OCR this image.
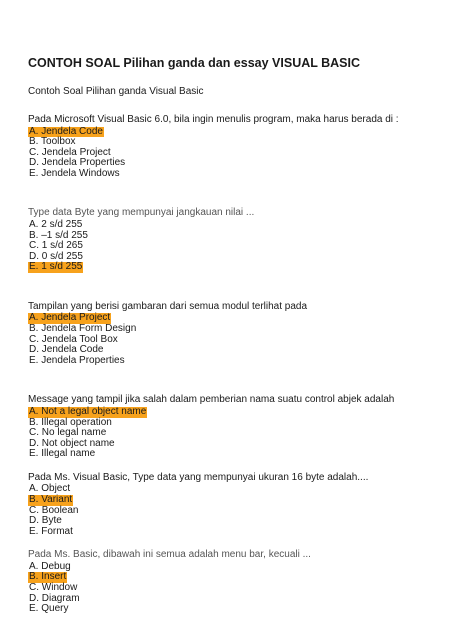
CONTOH SOAL Pilihan ganda dan essay VISUAL BASIC

Contoh Soal Pilihan ganda Visual Basic

Pada Microsoft Visual Basic 6.0, bila ingin menulis program, maka harus berada di :

A. Jendela Code
B. Toolbox
C. Jendela Project
D. Jendela Properties
E. Jendela Windows

Type data Byte yang mempunyai jangkauan nilai ...

A. 2 s/d 255
B. –1 s/d 255
C. 1 s/d 265
D. 0 s/d 255
E. 1 s/d 255

Tampilan yang berisi gambaran dari semua modul terlihat pada

A. Jendela Project
B. Jendela Form Design
C. Jendela Tool Box
D. Jendela Code
E. Jendela Properties

Message yang tampil jika salah dalam pemberian nama suatu control abjek adalah

A. Not a legal object name
B. Illegal operation
C. No legal name
D. Not object name
E. Illegal name

Pada Ms. Visual Basic, Type data yang mempunyai ukuran 16 byte adalah....

A. Object
B. Variant
C. Boolean
D. Byte
E. Format

Pada Ms. Basic, dibawah ini semua adalah menu bar, kecuali ...

A. Debug
B. Insert
C. Window
D. Diagram
E. Query
